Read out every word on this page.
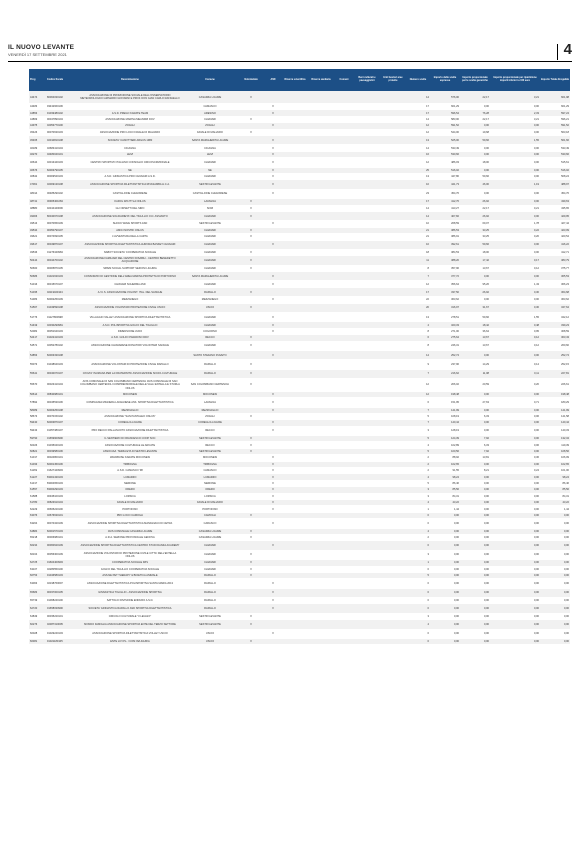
IL NUOVO LEVANTE
VENERDÌ 17 SETTEMBRE 2021	4
Prog	Codice fiscale	Denominazione	Comune	Volontariato	ASD	Ricerca scientifica	Ricerca sanitaria	Comuni	Beni culturali e paesaggistici	Enti Gestori aree protette	Numero scelte	Importo delle scelte espresse	Importo proporzionale per le scelte generiche	Importo proporzionale per ripartizione importi inferiori a 100 euro	Importo Totale Erogabile
44474	80064030102	ASSOCIAZIONE DI PROMOZIONE SOCIALE DELL'OSSERVATORIO METEOROLOGICO AZIMARIO GIOVANNI E PROF. DON GIAN CARLO RAFFAELLO	CASARZA LIGURE	X							14	576,00	22,17	3,21	601,98
44483	93432660106		CAMASCO		X						17	601,29	0,00	0,00	601,29
44853	91039480102	A.S.D. PREGO KARATE TEAM	ARESINO		X						17	596,54	76,28	2,33	597,24
44869	90047890104	ASSOCIAZIONE MARINA MEANDRI DOV	CHIAVARI	X							14	583,00	22,17	3,21	596,21
44975	02053770100	ZOAGLI	ZOAGLI		X						12	591,52	0,00	0,00	591,52
45426	90070630103	ASSOCIAZIONE PRO LOCO FAVALE DI MALVARO	FAVALE DI MALVARO	X							12	544,00	19,68	0,00	563,18
45465	02010810108	SOCIETA' CANOTTIERI ARGUS 1980	SANTA MARGHERITA LIGURE		X						13	525,00	59,66	1,55	561,66
46189	02683410104	CICAGNA	CICAGNA		X						14	533,49	0,00	0,00	533,49
46270	02480040101	LEIVI	LEIVI		X						16	530,66	0,00	0,00	530,66
46644	02013440103	CENTRO SPORTIVO ITALIANO CONSIGLIO CIRCOSCRIZIONALE	CHIAVARI		X						12	486,03	18,00	0,00	515,61
46676	82003790105	NE	NE		X						25	516,02	0,00	0,00	516,02
46842	90009540103	A.S.D. GINNASTICA PRO CHIAVARI A.S.D.	CHIAVARI		X						13	447,80	59,66	0,00	508,24
47061	02009130108	ASSOCIAZIONE SPORTIVA DILETTANTISTICA RIVASAMBA H.C.A.	SESTRI LEVANTE		X						10	441,73	46,00	1,19	488,97
48014	00485290102	CASTIGLIONE CHIAVARESE	CASTIGLIONE CHIAVARESE		X						23	454,76	0,00	0,00	454,76
48741	00905401084	KAROL WOJTYLA ONLUS	LAVAGNA	X							17	412,76	26,92	0,00	439,63
48880	92344440096	GLI ORSETTI DEL SIRO	SORI	X							14	413,27	22,17	0,21	435,65
49006	80040970108	ASSOCIAZIONE SOLIDARIETA' DEL TIGULLIO O.D. ASSIANTO	CHIAVARI	X							14	407,82	26,92	0,00	429,95
49513	90070650109	SHOCK WAVE SPORTS ASD	SESTRI LEVANTE		X						10	268,59	69,07	1,78	427,44
49534	90050790107	AMICI NOSTRI ONLUS	CHIAVARI	X							21	386,53	33,25	0,22	423,09
49621	90074690105	L'AVVENTURA DELLA CARTA	CHIAVARI	X							21	386,91	33,25	0,20	420,54
49617	90049870107	ASSOCIAZIONE SPORTIVA DILETTANTISTICA AURORA BASKET CHIAVARI	CHIAVARI		X						10	392,61	59,66	0,00	416,22
49536	01276340984	NABOT SOCIETA' COOPERATIVA SOCIALE	CHIAVARI	X							18	384,53	18,00	0,00	412,71
50444	90044700102	ASSOCIAZIONE FAMILIARI DEL CENTRO DISABILI - CENTRO BENEDETTO ACQUARONE	CHIAVARI	X							11	388,20	17,42	0,17	383,79
50660	90005870105	SIPEM SOCIAL SUPPORT SEZIONI LIGURIA	CHIAVARI	X							8	357,96	13,67	0,12	375,77
50686	91021630103	CONSORZIO DI GESTIONE DELL'AREA MARINA PROTETTA DI PORTOFINO	SANTA MARGHERITA LIGURE		X						7	377,72	0,00	0,00	365,53
51016	90015670107	CHIAVARI SCHERMA ASD	CHIAVARI		X						12	356,64	95,26	1,43	366,23
51035	02119020104	A.V.I.S. ASSOCIAZIONE VOLONT. ITAL. DEL SANGUE	RAPALLO	X							17	337,50	26,92	0,30	364,68
51383	82002250109	MEZZANEGO	MEZZANEGO		X						22	363,62	0,00	0,00	363,62
51567	91049590108	ASSOCIAZIONE VOLONTARI PROTEZIONE CIVILE USCIO	USCIO	X							20	316,97	31,67	0,30	347,64
51776	01127800998	VILLAGGIO VALLEY ASSOCIAZIONE SPORTIVA DILETTANTISTICA	CHIAVARI		X						13	278,51	59,66	1,55	342,12
51919	02030290981	A.S.D. POLISPORTIVA GOLFO DEL TIGULLIO	CHIAVARI		X						4	320,33	18,42	0,48	339,23
52082	90051640103	DIMENSIONE JUDO	COGORNO		X						8	271,00	36,64	0,95	308,59
52417	91022410103	A.S.D. GOLFO PARADISO DDV	RECCO	X							6	275,64	13,67	0,12	303,43
54571	02052780102	ASSOCIAZIONE CHIAVARESE DONATORI VOLONTARI SANGUE	CHIAVARI	X							8	246,31	13,67	0,12	260,60
54853	82003330108		SANTO STEFANO D'AVETO		X						14	252,74	0,00	0,00	252,74
55073	91048640103	ASSOCIAZIONE VOLONTARI DI PROTEZIONE CIVILE RAPALLO	RAPALLO	X							9	237,96	14,29	0,14	252,15
55641	90040070107	CIVILTA' INUMANA PER LA FRATERNITA' ASSOCIAZIONE SOCIO-CULTURALE	RAPALLO	X							7	216,62	11,08	0,11	227,81
55670	90023410104	AVIS COMUNALE DI SAN COLOMBANO CERTENOLI AVIS COMUNALE DI SAN COLOMBANO CERTENOLI COMPRENSORIALE DELLE VALLI ENTELLA E STURLA ONLUS	SAN COLOMBANO CERTENOLI	X							12	206,02	20,59	0,20	226,61
56614	00830980101	MOCONESI	MOCONESI		X						12	198,48	0,00	0,00	198,48
57892	90045530106	COMPAGNIA MIGNERA LAVAGNESE ASS. SPORTIVA DILETTANTISTICA	LAVAGNA		X						6	151,95	27,63	0,71	180,29
58389	82003250108	REZZOAGLIO	REZZOAGLIO		X						7	141,99	0,00	0,00	141,99
58673	90070150102	ASSOCIAZIONE "SAN PANTALEO ONLUS"	ZOAGLI	X							5	108,19	6,33	0,06	141,58
59430	82003870107	COREGLIA LIGURE	COREGLIA LIGURE		X						7	140,44	0,00	0,00	140,44
59433	91057380107	PRO RECCO PALLANUOTO ASSOCIAZIONE DILETTANTISTICA	RECCO		X						3	128,19	0,00	0,00	140,33
59790	01659900990	IL SENTIERO DI FRANCESCO COOP SOC	SESTRI LEVANTE	X							5	124,39	7,92	0,00	132,34
60326	91035040103	ASSOCIAZIONE CULTURALE LE ARCATE	RECCO	X							4	102,89	6,33	0,06	119,39
60821	90039580106	ASSOCIAZ. TERZA ETA DI SESTRI LEVANTE	SESTRI LEVANTE	X							5	100,56	7,92	0,00	108,56
61017	90024800101	WAVABUSH KARATE MOCONESI	MOCONESI		X						2	88,92	13,81	0,36	106,09
61033	82001450106	TRIBOGNA	TRIBOGNA		X						2	102,65	0,00	0,00	102,65
61169	01627440993	A.S.D. CAMASCO '98	CAMASCO		X						2	91,55	8,21	0,24	101,00
61227	83001430103	LUMARZO	LUMARZO		X						4	98,24	0,00	0,00	98,24
61317	83004650103	NEIRONE	NEIRONE		X						5	86,46	0,00	0,00	86,46
61557	83000290103	ORERO	ORERO		X						3	85,56	0,00	0,00	85,56
61588	00945100103	LORSICA	LORSICA		X						3	84,31	0,00	0,00	84,31
61780	00823910104	FAVALE DI MALVARO	FAVALE DI MALVARO		X						4	43,22	0,00	0,00	43,22
62229	00665220100	PORTOFINO	PORTOFINO		X						1	1,44	0,00	0,00	1,44
63076	02676630101	PRO LOCO CAMOGLI	CAMOGLI	X							0	0,00	0,00	0,00	0,00
63264	90074320109	ASSOCIAZIONE SPORTIVA DILETTANTISTICA MANIGNACCIO CETRA	CARASCO		X						0	0,00	0,00	0,00	0,00
64884	82001570103	AVIS COMUNALE CASARZA LIGURE	CASARZA LIGURE	X							4	0,00	0,00	0,00	0,00
65218	90006980101	A.R.A. SEZIONE PROVINCIALE GENOVA	CASARZA LIGURE	X							2	0,00	0,00	0,00	0,00
66234	90060620109	ASSOCIAZIONE SPORTIVA DILETTANTISTICA CENTRO STUDI DANZA ACADEMY	CHIAVARI		X						0	0,00	0,00	0,00	0,00
66164	90056300109	ASSOCIAZIONE VOLONTARI DI PROTEZIONE CIVILE CITTA' DELL'ENTELLA ONLUS	CHIAVARI	X							3	0,00	0,00	0,00	0,00
62725	01604400993	COOPERATIVA SOCIALE IRIS	CHIAVARI	X							1	0,00	0,00	0,00	0,00
63107	02280550100	GOLFO DEL TIGULLIO COOPERATIVA SOCIALE	CHIAVARI	X							0	0,00	0,00	0,00	0,00
66753	91046580103	ASS.NE PET THERAPY & BIOETICA ANIMALE	RAPALLO	X							5	0,00	0,00	0,00	0,00
63063	02198760697	ASSOCIAZIONE DILETTANTISTICA POLISPORTIVA SANTA MARIA 2013	RAPALLO		X						0	0,00	0,00	0,00	0,00
65683	90037000105	GINNASTICA TIGULLIO - ASSOCIAZIONE SPORTIVA	RAPALLO		X						0	0,00	0,00	0,00	0,00
65739	91068240100	SATTOLIO DIVISIONE ENDURO A.S.D.	RAPALLO		X						0	0,00	0,00	0,00	0,00
62720	01658030990	SOCIETA' GINNASTICA RAPALLO ASD SPORTIVA DILETTANTISTICA	RAPALLO		X						0	0,00	0,00	0,00	0,00
64849	90035220101	CIRCOLO CULTURALE "3 LEGGIO"	SESTRI LEVANTE	X							3	0,00	0,00	0,00	0,00
60276	02387310095	MONDO FAMIGLIA ASSOCIAZIONE SPORTIVA ENTE DEL TERZO SETTORE	SESTRI LEVANTE	X							4	0,00	0,00	0,00	0,00
66028	91029240103	ASSOCIAZIONE SPORTIVA DILETTANTISTICA VOLLEY USCIO	USCIO		X						0	0,00	0,00	0,00	0,00
66381	91021180105	ENTE LIVI PL. / COM IN/LIGURIA	USCIO	X							0	0,00	0,00	0,00	0,00
